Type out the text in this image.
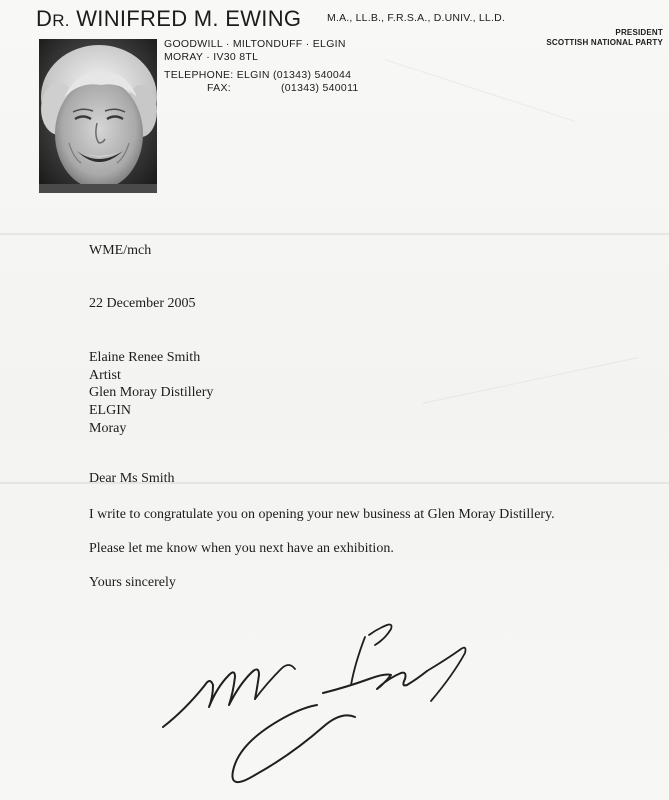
DR. WINIFRED M. EWING M.A., LL.B., F.R.S.A., D.UNIV., LL.D.
PRESIDENT
SCOTTISH NATIONAL PARTY
GOODWILL · MILTONDUFF · ELGIN
MORAY · IV30 8TL
TELEPHONE: ELGIN (01343) 540044
FAX:	(01343) 540011
WME/mch
22 December 2005
Elaine Renee Smith
Artist
Glen Moray Distillery
ELGIN
Moray
Dear Ms Smith
I write to congratulate you on opening your new business at Glen Moray Distillery.
Please let me know when you next have an exhibition.
Yours sincerely
